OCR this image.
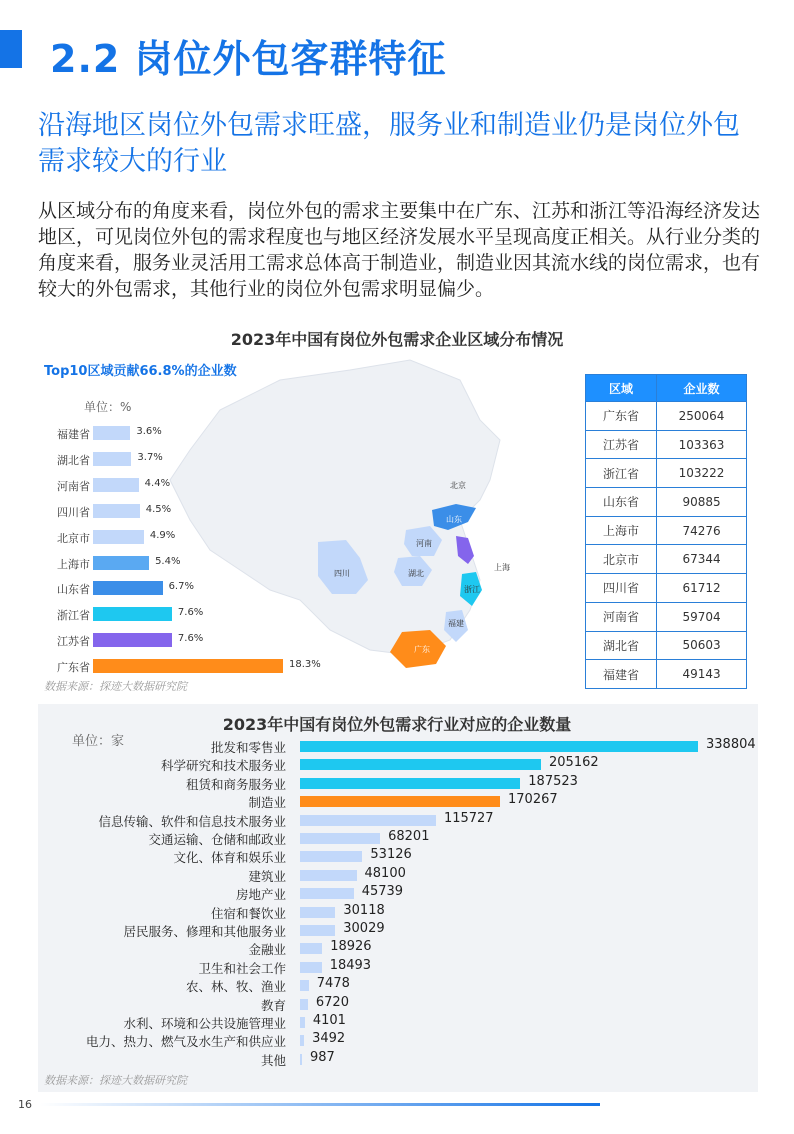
2.2 岗位外包客群特征
沿海地区岗位外包需求旺盛，服务业和制造业仍是岗位外包需求较大的行业
从区域分布的角度来看，岗位外包的需求主要集中在广东、江苏和浙江等沿海经济发达地区，可见岗位外包的需求程度也与地区经济发展水平呈现高度正相关。从行业分类的角度来看，服务业灵活用工需求总体高于制造业，制造业因其流水线的岗位需求，也有较大的外包需求，其他行业的岗位外包需求明显偏少。
2023年中国有岗位外包需求企业区域分布情况
北京
山东
河南
湖北
四川
上海
浙江
福建
广东
Top10区域贡献66.8%的企业数
单位：%
福建省	3.6%
湖北省	3.7%
河南省	4.4%
四川省	4.5%
北京市	4.9%
上海市	5.4%
山东省	6.7%
浙江省	7.6%
江苏省	7.6%
广东省	18.3%
区域	企业数
广东省	250064
江苏省	103363
浙江省	103222
山东省	90885
上海市	74276
北京市	67344
四川省	61712
河南省	59704
湖北省	50603
福建省	49143
数据来源：探迹大数据研究院
2023年中国有岗位外包需求行业对应的企业数量
单位：家	批发和零售业	338804
科学研究和技术服务业	205162
租赁和商务服务业	187523
制造业	170267
信息传输、软件和信息技术服务业	115727
交通运输、仓储和邮政业	68201
文化、体育和娱乐业	53126
建筑业	48100
房地产业	45739
住宿和餐饮业	30118
居民服务、修理和其他服务业	30029
金融业	18926
卫生和社会工作	18493
农、林、牧、渔业 7478
教育 6720
水利、环境和公共设施管理业 4101
电力、热力、燃气及水生产和供应业 3492
其他 987
数据来源：探迹大数据研究院
16
